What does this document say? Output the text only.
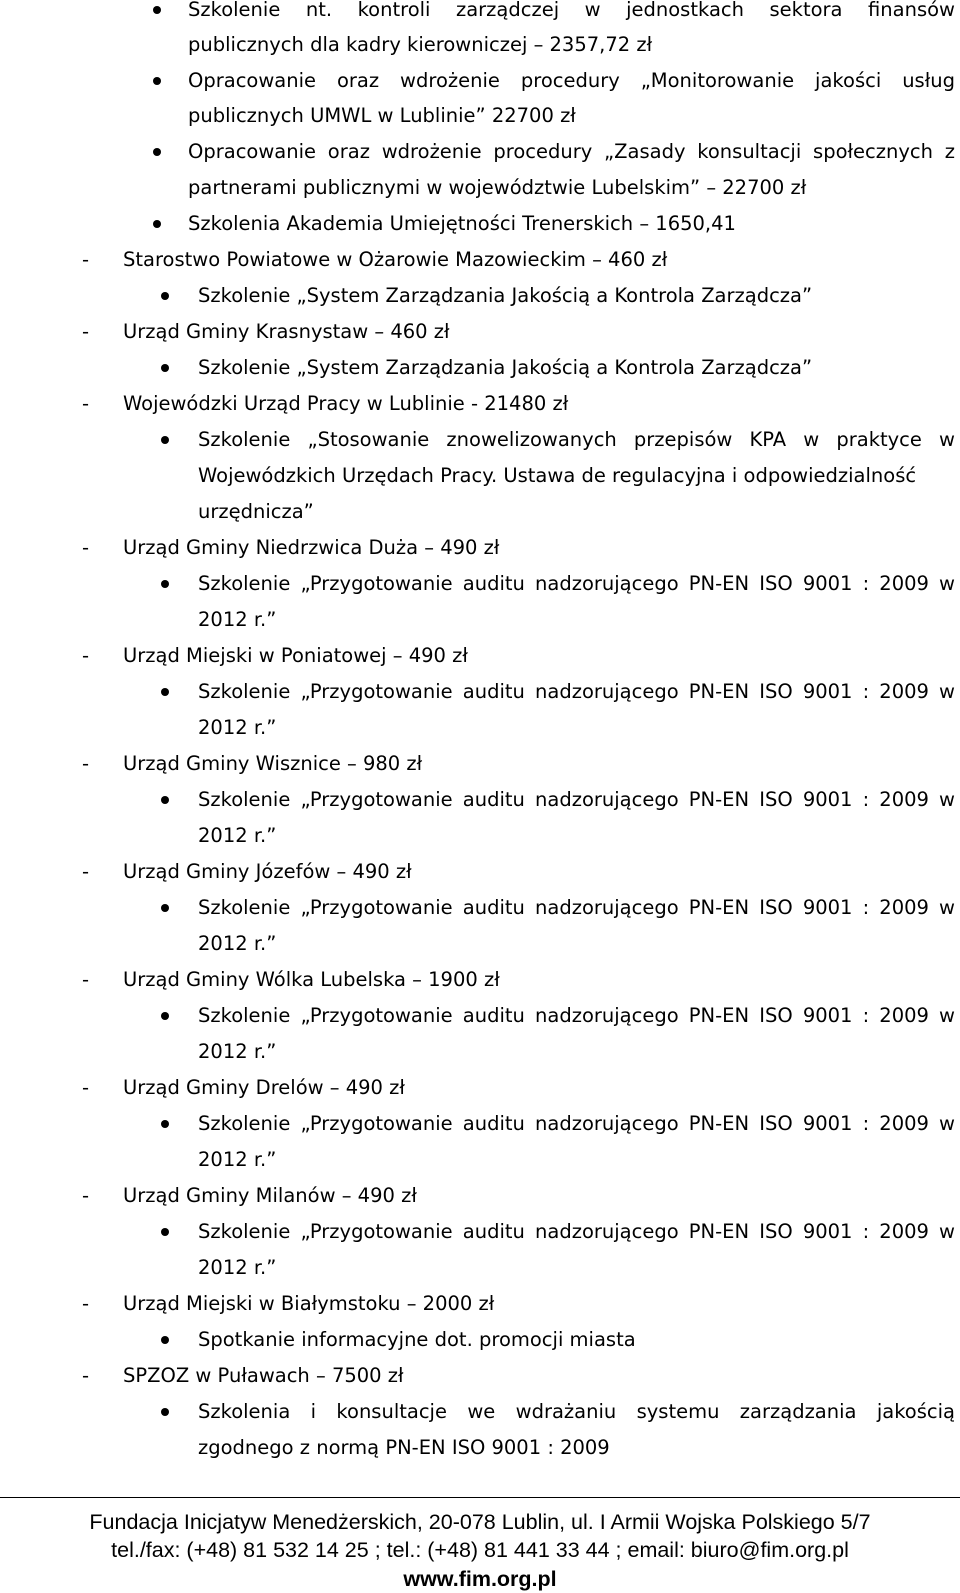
Szkolenie nt. kontroli zarządczej w jednostkach sektora finansów
publicznych dla kadry kierowniczej – 2357,72 zł
Opracowanie oraz wdrożenie procedury „Monitorowanie jakości usług
publicznych UMWL w Lublinie” 22700 zł
Opracowanie oraz wdrożenie procedury „Zasady konsultacji społecznych z
partnerami publicznymi w województwie Lubelskim” – 22700 zł
Szkolenia Akademia Umiejętności Trenerskich – 1650,41
- Starostwo Powiatowe w Ożarowie Mazowieckim – 460 zł
Szkolenie „System Zarządzania Jakością a Kontrola Zarządcza”
- Urząd Gminy Krasnystaw – 460 zł
Szkolenie „System Zarządzania Jakością a Kontrola Zarządcza”
- Wojewódzki Urząd Pracy w Lublinie - 21480 zł
Szkolenie „Stosowanie znowelizowanych przepisów KPA w praktyce w
Wojewódzkich Urzędach Pracy. Ustawa de regulacyjna i odpowiedzialność
urzędnicza”
- Urząd Gminy Niedrzwica Duża – 490 zł
Szkolenie „Przygotowanie auditu nadzorującego PN-EN ISO 9001 : 2009 w
2012 r.”
- Urząd Miejski w Poniatowej – 490 zł
Szkolenie „Przygotowanie auditu nadzorującego PN-EN ISO 9001 : 2009 w
2012 r.”
- Urząd Gminy Wisznice – 980 zł
Szkolenie „Przygotowanie auditu nadzorującego PN-EN ISO 9001 : 2009 w
2012 r.”
- Urząd Gminy Józefów – 490 zł
Szkolenie „Przygotowanie auditu nadzorującego PN-EN ISO 9001 : 2009 w
2012 r.”
- Urząd Gminy Wólka Lubelska – 1900 zł
Szkolenie „Przygotowanie auditu nadzorującego PN-EN ISO 9001 : 2009 w
2012 r.”
- Urząd Gminy Drelów – 490 zł
Szkolenie „Przygotowanie auditu nadzorującego PN-EN ISO 9001 : 2009 w
2012 r.”
- Urząd Gminy Milanów – 490 zł
Szkolenie „Przygotowanie auditu nadzorującego PN-EN ISO 9001 : 2009 w
2012 r.”
- Urząd Miejski w Białymstoku – 2000 zł
Spotkanie informacyjne dot. promocji miasta
- SPZOZ w Puławach – 7500 zł
Szkolenia i konsultacje we wdrażaniu systemu zarządzania jakością
zgodnego z normą PN-EN ISO 9001 : 2009
Fundacja Inicjatyw Menedżerskich, 20-078 Lublin, ul. I Armii Wojska Polskiego 5/7
tel./fax: (+48) 81 532 14 25 ; tel.: (+48) 81 441 33 44 ; email: biuro@fim.org.pl
www.fim.org.pl
